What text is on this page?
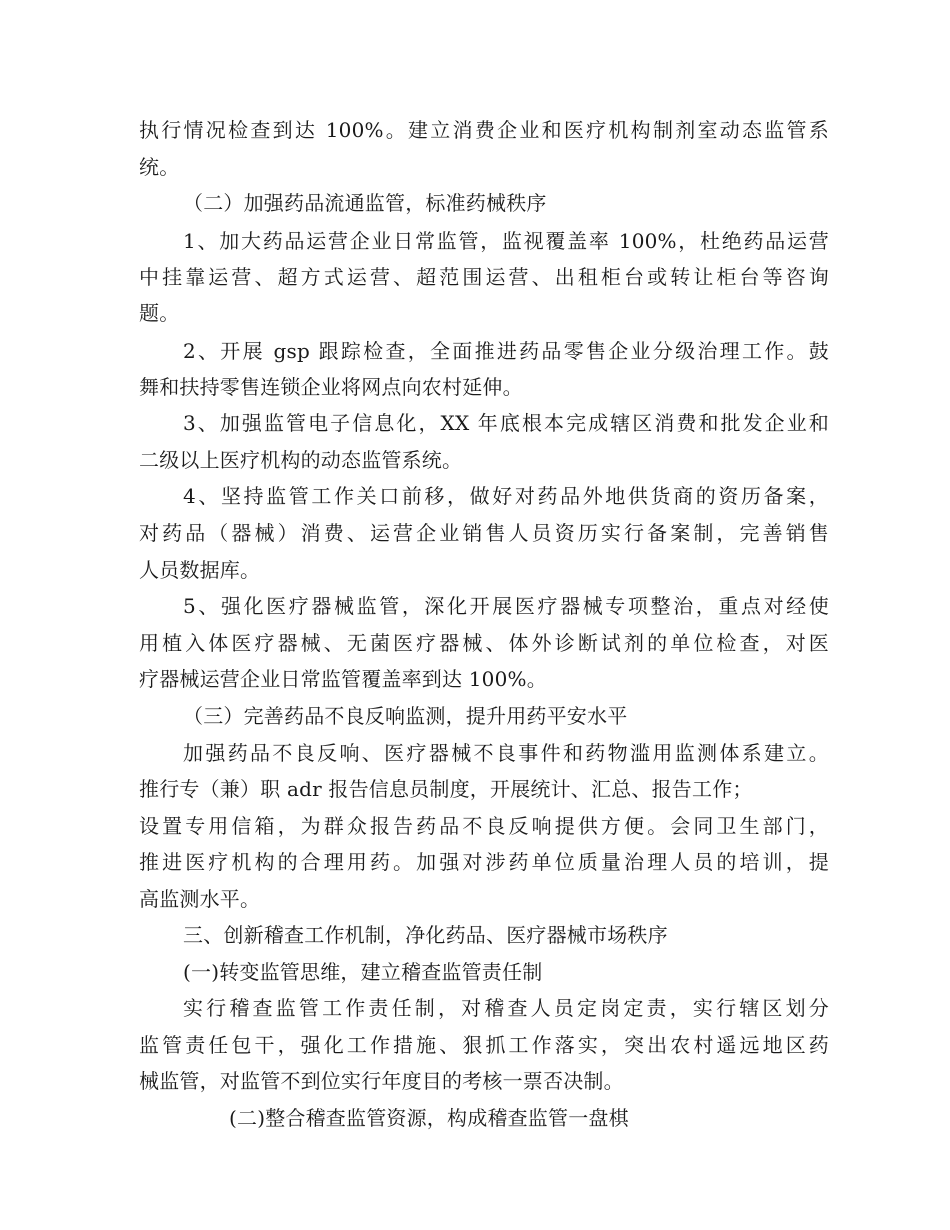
执行情况检查到达 100%。建立消费企业和医疗机构制剂室动态监管系
统。
（二）加强药品流通监管，标准药械秩序
1、加大药品运营企业日常监管，监视覆盖率 100%，杜绝药品运营
中挂靠运营、超方式运营、超范围运营、出租柜台或转让柜台等咨询
题。
2、开展 gsp 跟踪检查，全面推进药品零售企业分级治理工作。鼓
舞和扶持零售连锁企业将网点向农村延伸。
3、加强监管电子信息化，XX 年底根本完成辖区消费和批发企业和
二级以上医疗机构的动态监管系统。
4、坚持监管工作关口前移，做好对药品外地供货商的资历备案，
对药品（器械）消费、运营企业销售人员资历实行备案制，完善销售
人员数据库。
5、强化医疗器械监管，深化开展医疗器械专项整治，重点对经使
用植入体医疗器械、无菌医疗器械、体外诊断试剂的单位检查，对医
疗器械运营企业日常监管覆盖率到达 100%。
（三）完善药品不良反响监测，提升用药平安水平
加强药品不良反响、医疗器械不良事件和药物滥用监测体系建立。
推行专（兼）职 adr 报告信息员制度，开展统计、汇总、报告工作；
设置专用信箱，为群众报告药品不良反响提供方便。会同卫生部门，
推进医疗机构的合理用药。加强对涉药单位质量治理人员的培训，提
高监测水平。
三、创新稽查工作机制，净化药品、医疗器械市场秩序
(一)转变监管思维，建立稽查监管责任制
实行稽查监管工作责任制，对稽查人员定岗定责，实行辖区划分
监管责任包干，强化工作措施、狠抓工作落实，突出农村遥远地区药
械监管，对监管不到位实行年度目的考核一票否决制。
(二)整合稽查监管资源，构成稽查监管一盘棋
